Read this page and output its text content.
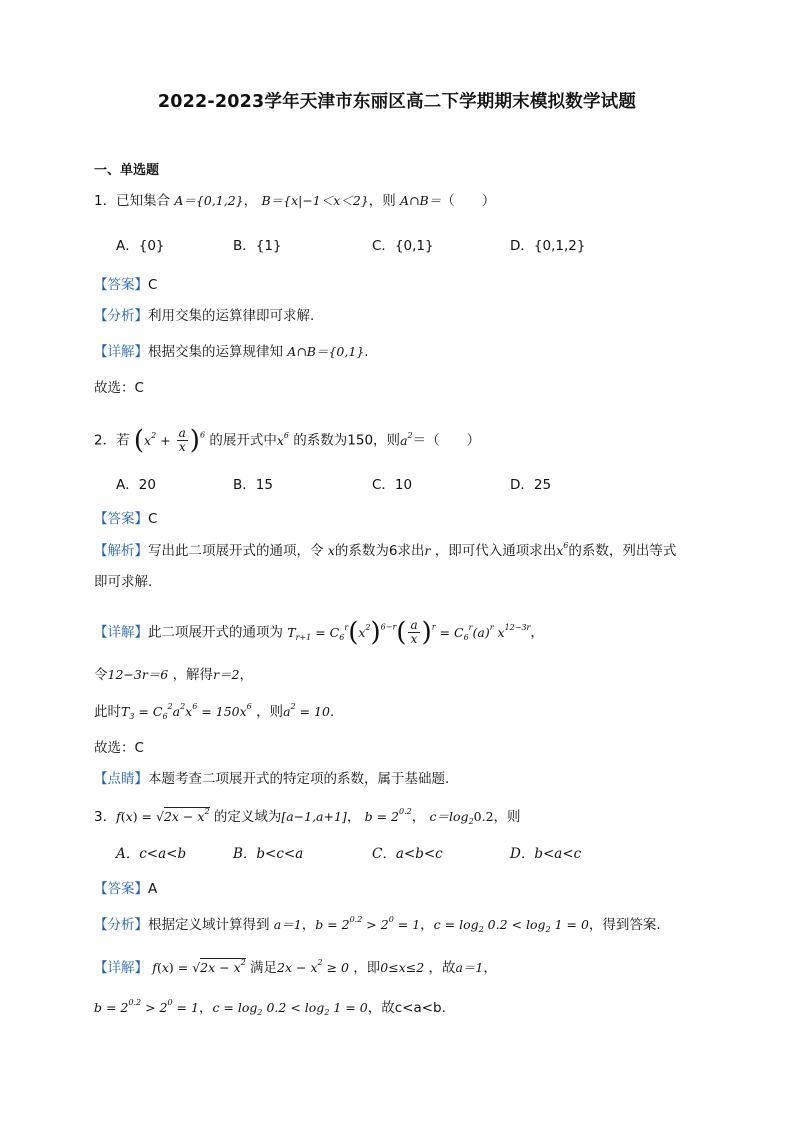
2022-2023学年天津市东丽区高二下学期期末模拟数学试题
一、单选题
1．已知集合 A＝{0,1,2}， B＝{x|−1＜x＜2}，则 A∩B＝（　　）
A．{0}	B．{1}	C．{0,1}	D．{0,1,2}
【答案】C
【分析】利用交集的运算律即可求解.
【详解】根据交集的运算规律知 A∩B＝{0,1}.
故选：C
2．若 $(x^2 + \frac{a}{x} )^6$ 的展开式中$x^6$ 的系数为150，则$a^2=$（　　）
A．20	B．15	C．10	D．25
【答案】C
【解析】写出此二项展开式的通项，令 x的系数为6求出r ，即可代入通项求出$x^6$的系数，列出等式
即可求解.
【详解】此二项展开式的通项为 $T_{r+1} = C_6^r(x^2)^{6-r}( \frac{a}{x} )^r = C_6^r(a)^r$ $x^{12-3r}$，
令12−3r＝6 ，解得r＝2，
此时$T_3 = C_6^2a^2x^6 = 150x^6$ ，则$a^2 = 10$.
故选：C
【点睛】本题考查二项展开式的特定项的系数，属于基础题.
3．$f(x) = √2x - x^2$ 的定义域为[a−1,a+1]， $b = 2^{0.2}$， $c=\log_20.2$，则
A．c<a<b	B．b<c<a	C．a<b<c	D．b<a<c
【答案】A
【分析】根据定义域计算得到 a＝1，$b = 2^{0.2} > 2^0 = 1$，$c = \log_2 0.2 < \log_2 1 = 0$，得到答案.
【详解】 $f(x) = √2x - x^2$ 满足$2x - x^2 \ge 0$ ，即0≤x≤2 ，故a＝1，
$b = 2^{0.2} > 2^0 = 1$，$c = \log_2 0.2 < \log_2 1 = 0$，故c<a<b.
